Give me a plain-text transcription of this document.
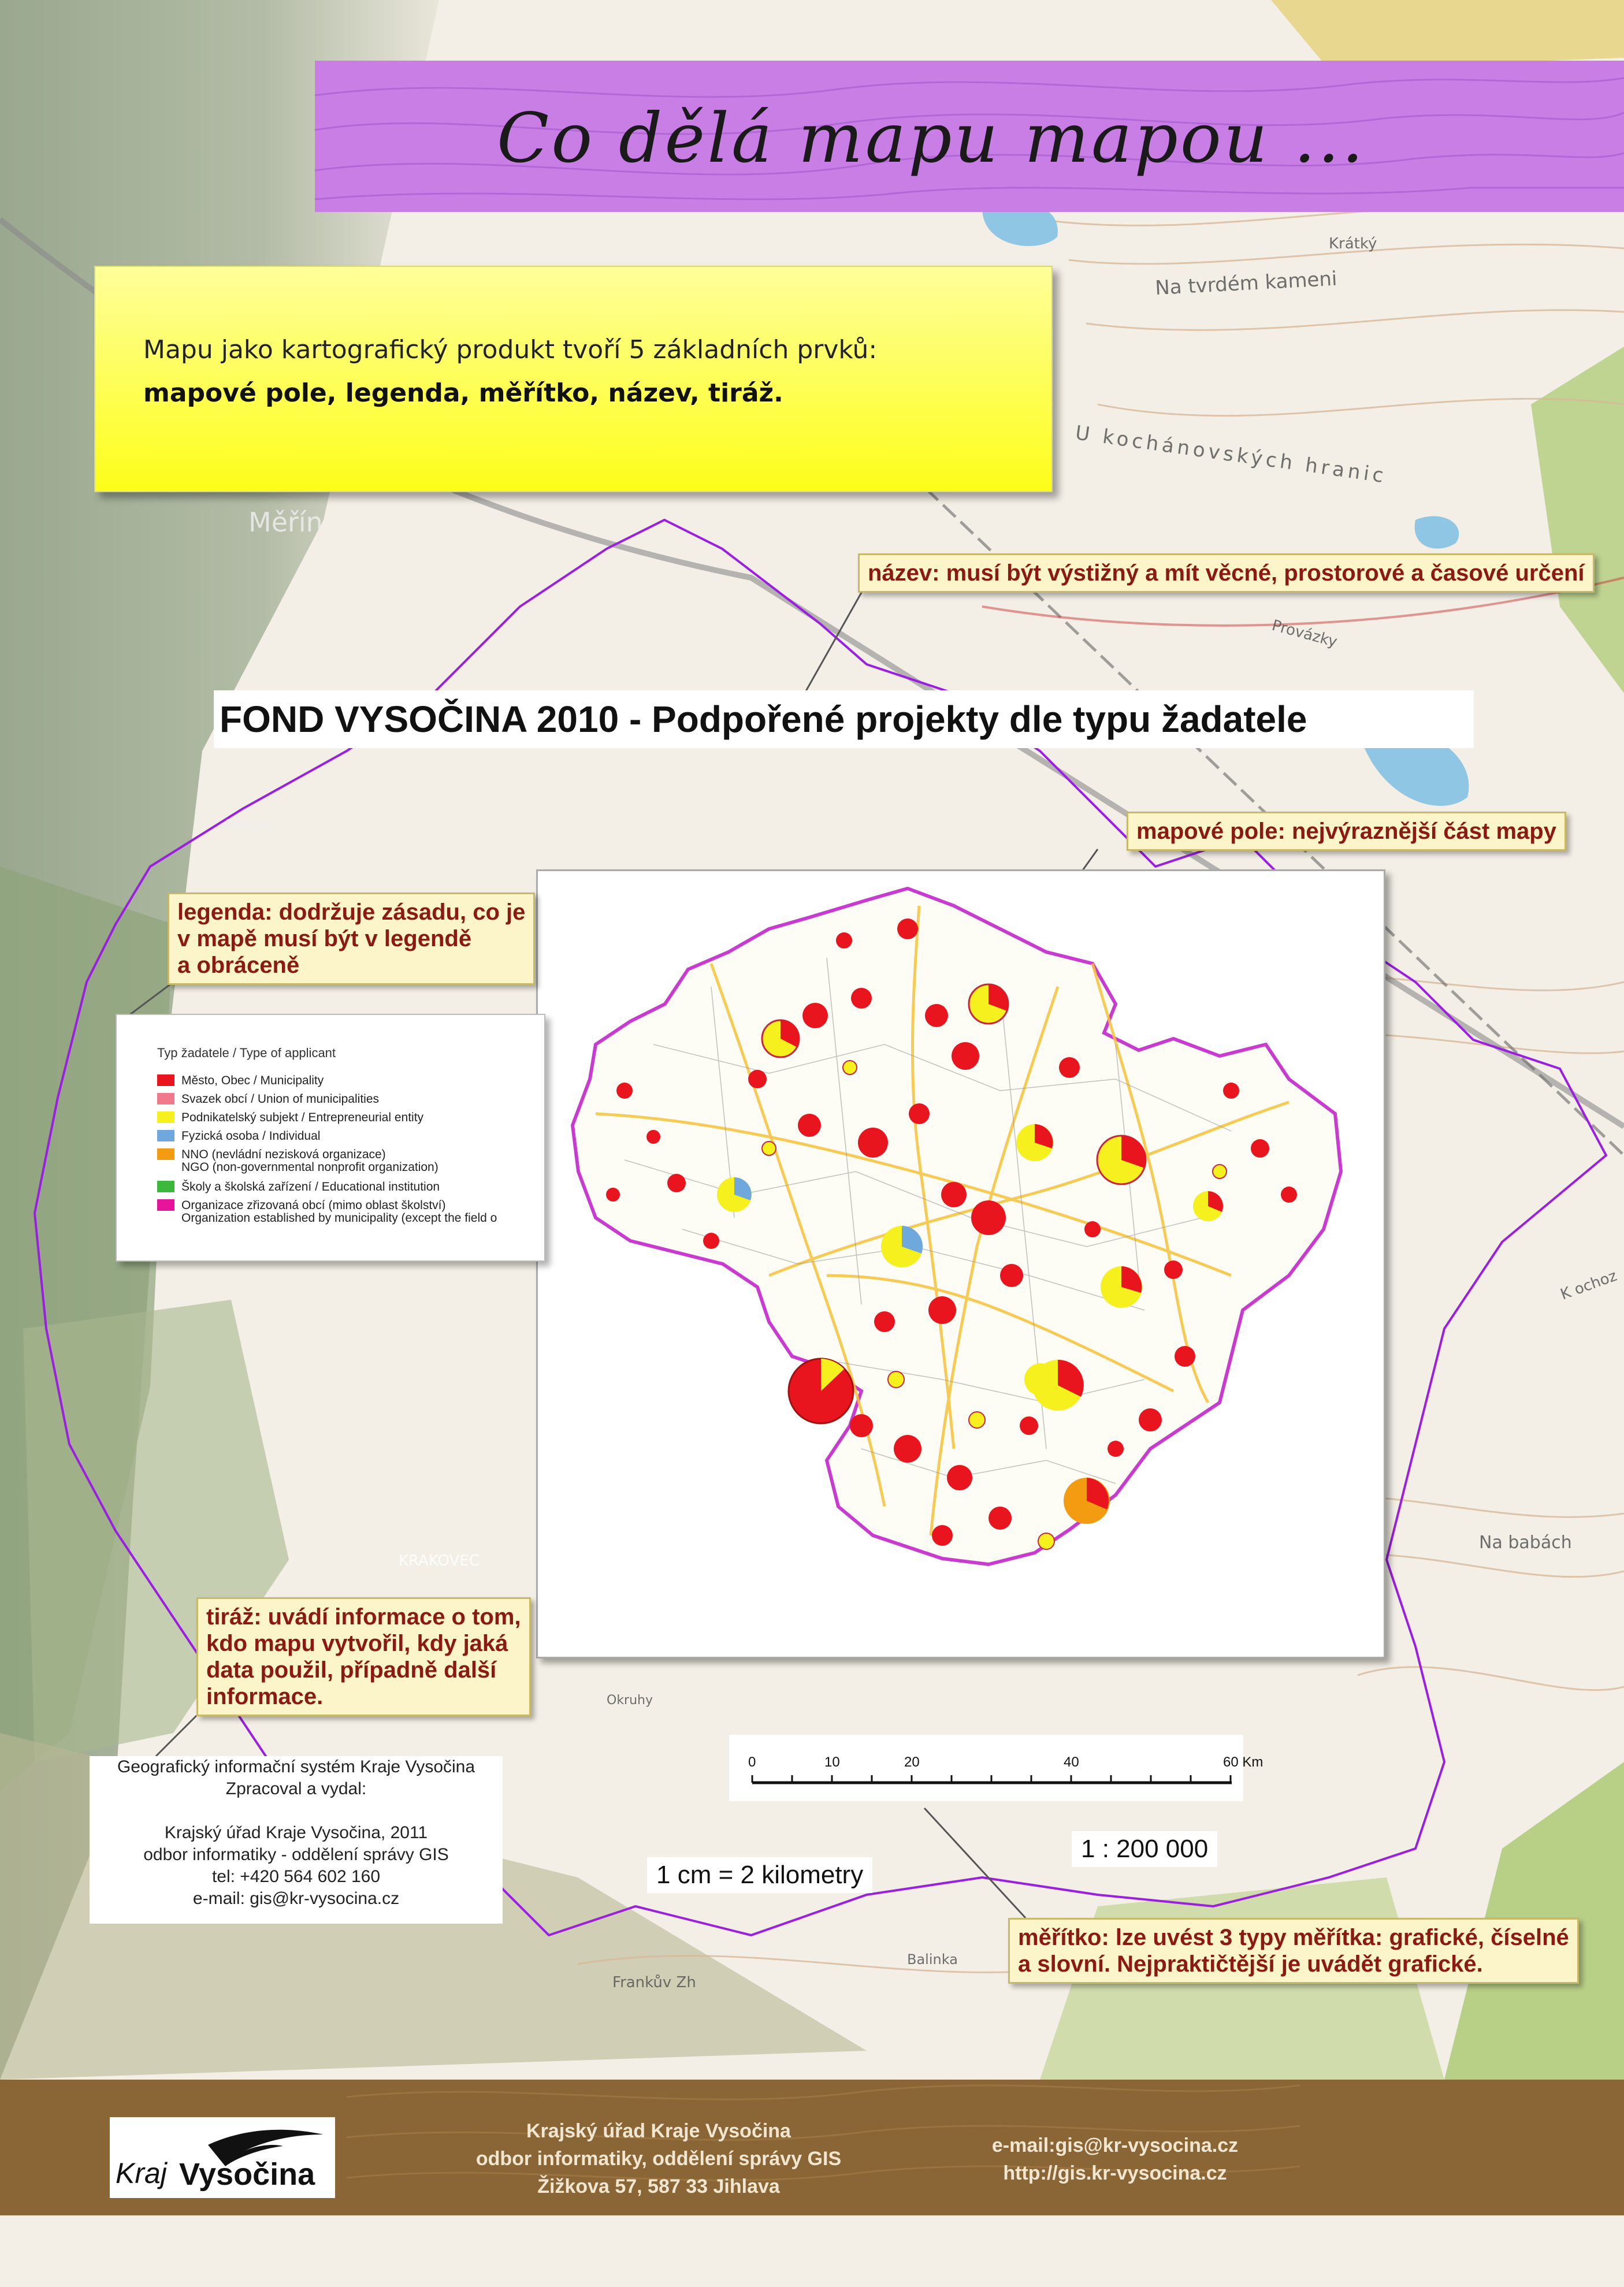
Na tvrdém kameni
U kochánovských hranic
Měřín
KRAKOVEC
Na babách
Provázky
Krátký
K ochoz
Balinka
Frankův Zh
Pustina
Okruhy
Co dělá mapu mapou ...
Mapu jako kartografický produkt tvoří 5 základních prvků:
mapové pole, legenda, měřítko, název, tiráž.
FOND VYSOČINA 2010 - Podpořené projekty dle typu žadatele
Typ žadatele / Type of applicant
Město, Obec / Municipality
Svazek obcí / Union of municipalities
Podnikatelský subjekt / Entrepreneurial entity
Fyzická osoba / Individual
NNO (nevládní nezisková organizace)
NGO (non-governmental nonprofit organization)
Školy a školská zařízení / Educational institution
Organizace zřizovaná obcí (mimo oblast školství)
Organization established by municipality (except the field o
název: musí být výstižný a mít věcné, prostorové a časové určení
mapové pole: nejvýraznější část mapy
legenda: dodržuje zásadu, co je
v mapě musí být v legendě
a obráceně
tiráž: uvádí informace o tom,
kdo mapu vytvořil, kdy jaká
data použil, případně další
informace.
měřítko: lze uvést 3 typy měřítka: grafické, číselné
a slovní. Nejpraktičtější je uvádět grafické.
Geografický informační systém Kraje Vysočina
Zpracoval a vydal:
Krajský úřad Kraje Vysočina, 2011
odbor informatiky - oddělení správy GIS
tel: +420 564 602 160
e-mail: gis@kr-vysocina.cz
0	10	20	40	60 Km
1 : 200 000
1 cm = 2 kilometry
Kraj Vysočina
Krajský úřad Kraje Vysočina
odbor informatiky, oddělení správy GIS
Žižkova 57, 587 33 Jihlava
e-mail:gis@kr-vysocina.cz
http://gis.kr-vysocina.cz
